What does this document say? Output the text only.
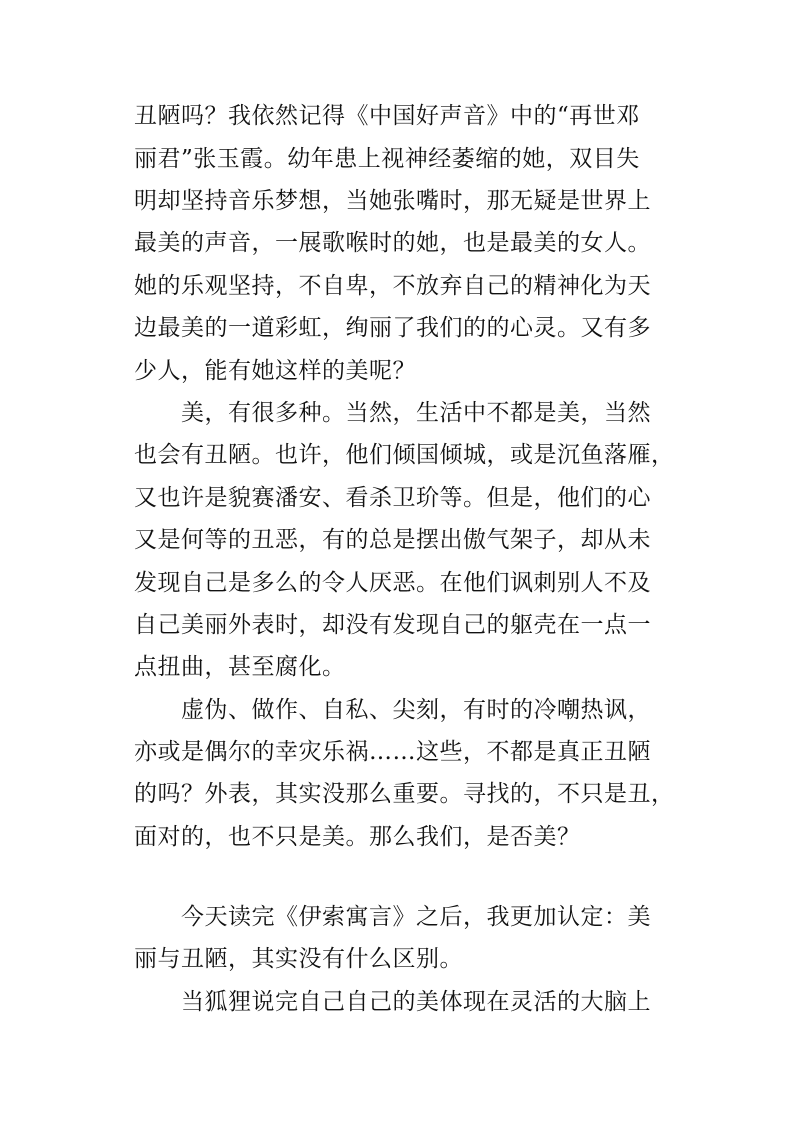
丑陋吗？我依然记得《中国好声音》中的“再世邓
丽君”张玉霞。幼年患上视神经萎缩的她，双目失
明却坚持音乐梦想，当她张嘴时，那无疑是世界上
最美的声音，一展歌喉时的她，也是最美的女人。
她的乐观坚持，不自卑，不放弃自己的精神化为天
边最美的一道彩虹，绚丽了我们的的心灵。又有多
少人，能有她这样的美呢？
　　美，有很多种。当然，生活中不都是美，当然
也会有丑陋。也许，他们倾国倾城，或是沉鱼落雁，
又也许是貌赛潘安、看杀卫玠等。但是，他们的心
又是何等的丑恶，有的总是摆出傲气架子，却从未
发现自己是多么的令人厌恶。在他们讽刺别人不及
自己美丽外表时，却没有发现自己的躯壳在一点一
点扭曲，甚至腐化。
　　虚伪、做作、自私、尖刻，有时的冷嘲热讽，
亦或是偶尔的幸灾乐祸……这些，不都是真正丑陋
的吗？外表，其实没那么重要。寻找的，不只是丑，
面对的，也不只是美。那么我们，是否美？
　　今天读完《伊索寓言》之后，我更加认定：美
丽与丑陋，其实没有什么区别。
　　当狐狸说完自己自己的美体现在灵活的大脑上
